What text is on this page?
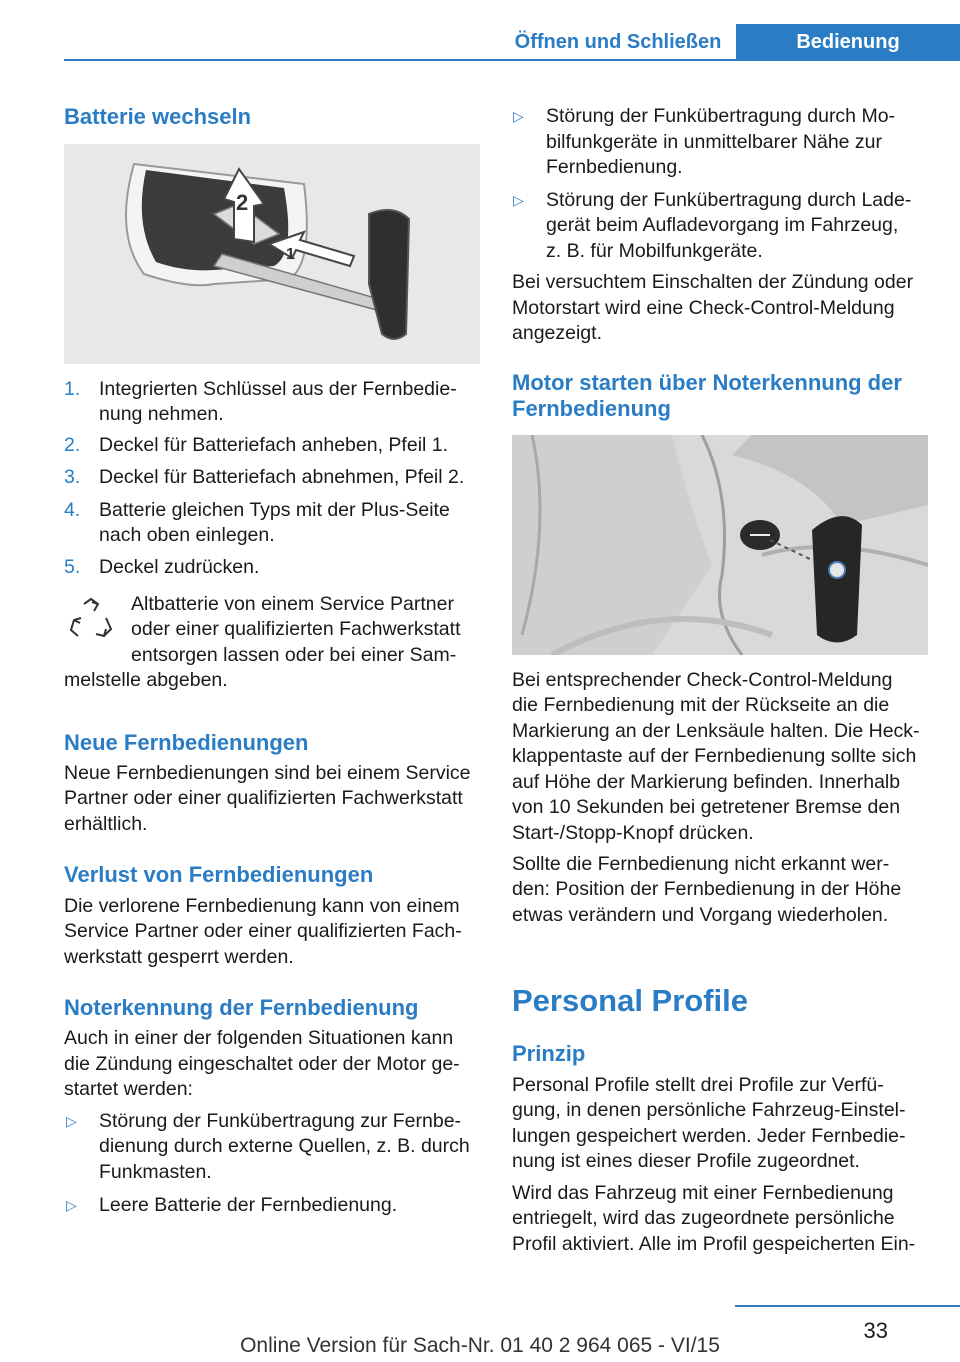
Öffnen und Schließen	Bedienung
Batterie wechseln
2
1
1. Integrierten Schlüssel aus der Fernbedie-
nung nehmen.
2. Deckel für Batteriefach anheben, Pfeil 1.
3. Deckel für Batteriefach abnehmen, Pfeil 2.
4. Batterie gleichen Typs mit der Plus-Seite
nach oben einlegen.
5. Deckel zudrücken.
Altbatterie von einem Service Partner
oder einer qualifizierten Fachwerkstatt
entsorgen lassen oder bei einer Sam-
melstelle abgeben.
Neue Fernbedienungen
Neue Fernbedienungen sind bei einem Service
Partner oder einer qualifizierten Fachwerkstatt
erhältlich.
Verlust von Fernbedienungen
Die verlorene Fernbedienung kann von einem
Service Partner oder einer qualifizierten Fach-
werkstatt gesperrt werden.
Noterkennung der Fernbedienung
Auch in einer der folgenden Situationen kann
die Zündung eingeschaltet oder der Motor ge-
startet werden:
▷ Störung der Funkübertragung zur Fernbe-
dienung durch externe Quellen, z. B. durch
Funkmasten.
▷ Leere Batterie der Fernbedienung.
▷ Störung der Funkübertragung durch Mo-
bilfunkgeräte in unmittelbarer Nähe zur
Fernbedienung.
▷ Störung der Funkübertragung durch Lade-
gerät beim Aufladevorgang im Fahrzeug,
z. B. für Mobilfunkgeräte.
Bei versuchtem Einschalten der Zündung oder
Motorstart wird eine Check-Control-Meldung
angezeigt.
Motor starten über Noterkennung der
Fernbedienung
Bei entsprechender Check-Control-Meldung
die Fernbedienung mit der Rückseite an die
Markierung an der Lenksäule halten. Die Heck-
klappentaste auf der Fernbedienung sollte sich
auf Höhe der Markierung befinden. Innerhalb
von 10 Sekunden bei getretener Bremse den
Start-/Stopp-Knopf drücken.
Sollte die Fernbedienung nicht erkannt wer-
den: Position der Fernbedienung in der Höhe
etwas verändern und Vorgang wiederholen.
Personal Profile
Prinzip
Personal Profile stellt drei Profile zur Verfü-
gung, in denen persönliche Fahrzeug-Einstel-
lungen gespeichert werden. Jeder Fernbedie-
nung ist eines dieser Profile zugeordnet.
Wird das Fahrzeug mit einer Fernbedienung
entriegelt, wird das zugeordnete persönliche
Profil aktiviert. Alle im Profil gespeicherten Ein-
33
Online Version für Sach-Nr. 01 40 2 964 065 - VI/15
